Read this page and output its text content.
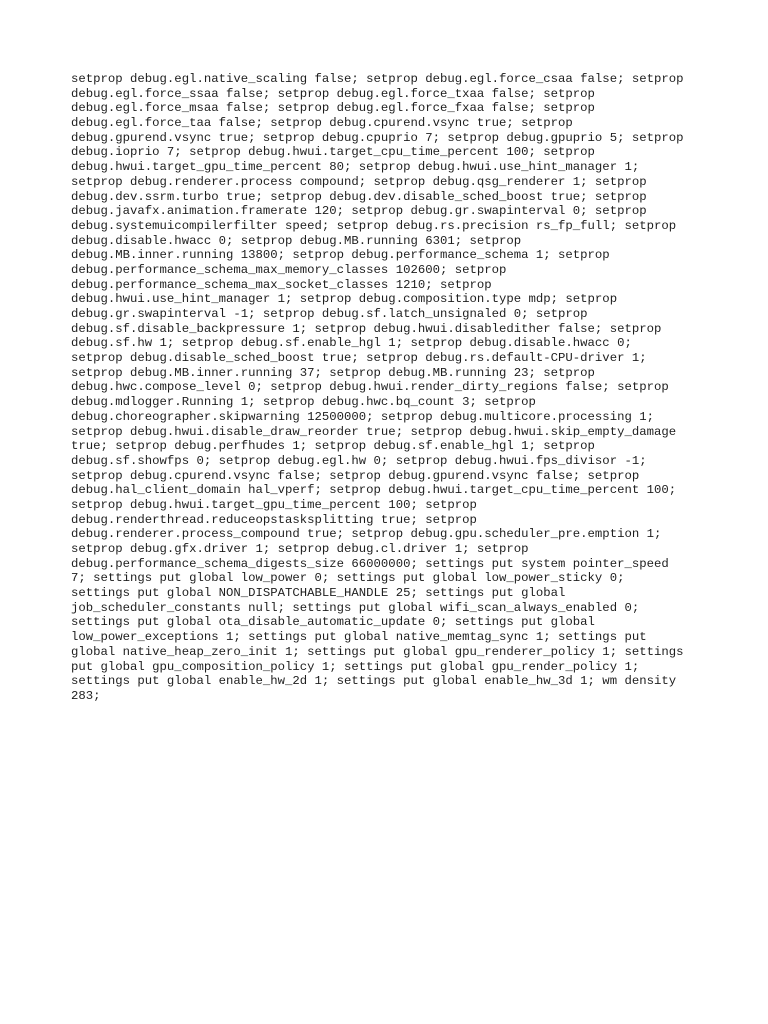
setprop debug.egl.native_scaling false; setprop debug.egl.force_csaa false; setprop
debug.egl.force_ssaa false; setprop debug.egl.force_txaa false; setprop
debug.egl.force_msaa false; setprop debug.egl.force_fxaa false; setprop
debug.egl.force_taa false; setprop debug.cpurend.vsync true; setprop
debug.gpurend.vsync true; setprop debug.cpuprio 7; setprop debug.gpuprio 5; setprop
debug.ioprio 7; setprop debug.hwui.target_cpu_time_percent 100; setprop
debug.hwui.target_gpu_time_percent 80; setprop debug.hwui.use_hint_manager 1;
setprop debug.renderer.process compound; setprop debug.qsg_renderer 1; setprop
debug.dev.ssrm.turbo true; setprop debug.dev.disable_sched_boost true; setprop
debug.javafx.animation.framerate 120; setprop debug.gr.swapinterval 0; setprop
debug.systemuicompilerfilter speed; setprop debug.rs.precision rs_fp_full; setprop
debug.disable.hwacc 0; setprop debug.MB.running 6301; setprop
debug.MB.inner.running 13800; setprop debug.performance_schema 1; setprop
debug.performance_schema_max_memory_classes 102600; setprop
debug.performance_schema_max_socket_classes 1210; setprop
debug.hwui.use_hint_manager 1; setprop debug.composition.type mdp; setprop
debug.gr.swapinterval -1; setprop debug.sf.latch_unsignaled 0; setprop
debug.sf.disable_backpressure 1; setprop debug.hwui.disabledither false; setprop
debug.sf.hw 1; setprop debug.sf.enable_hgl 1; setprop debug.disable.hwacc 0;
setprop debug.disable_sched_boost true; setprop debug.rs.default-CPU-driver 1;
setprop debug.MB.inner.running 37; setprop debug.MB.running 23; setprop
debug.hwc.compose_level 0; setprop debug.hwui.render_dirty_regions false; setprop
debug.mdlogger.Running 1; setprop debug.hwc.bq_count 3; setprop
debug.choreographer.skipwarning 12500000; setprop debug.multicore.processing 1;
setprop debug.hwui.disable_draw_reorder true; setprop debug.hwui.skip_empty_damage
true; setprop debug.perfhudes 1; setprop debug.sf.enable_hgl 1; setprop
debug.sf.showfps 0; setprop debug.egl.hw 0; setprop debug.hwui.fps_divisor -1;
setprop debug.cpurend.vsync false; setprop debug.gpurend.vsync false; setprop
debug.hal_client_domain hal_vperf; setprop debug.hwui.target_cpu_time_percent 100;
setprop debug.hwui.target_gpu_time_percent 100; setprop
debug.renderthread.reduceopstasksplitting true; setprop
debug.renderer.process_compound true; setprop debug.gpu.scheduler_pre.emption 1;
setprop debug.gfx.driver 1; setprop debug.cl.driver 1; setprop
debug.performance_schema_digests_size 66000000; settings put system pointer_speed
7; settings put global low_power 0; settings put global low_power_sticky 0;
settings put global NON_DISPATCHABLE_HANDLE 25; settings put global
job_scheduler_constants null; settings put global wifi_scan_always_enabled 0;
settings put global ota_disable_automatic_update 0; settings put global
low_power_exceptions 1; settings put global native_memtag_sync 1; settings put
global native_heap_zero_init 1; settings put global gpu_renderer_policy 1; settings
put global gpu_composition_policy 1; settings put global gpu_render_policy 1;
settings put global enable_hw_2d 1; settings put global enable_hw_3d 1; wm density
283;
